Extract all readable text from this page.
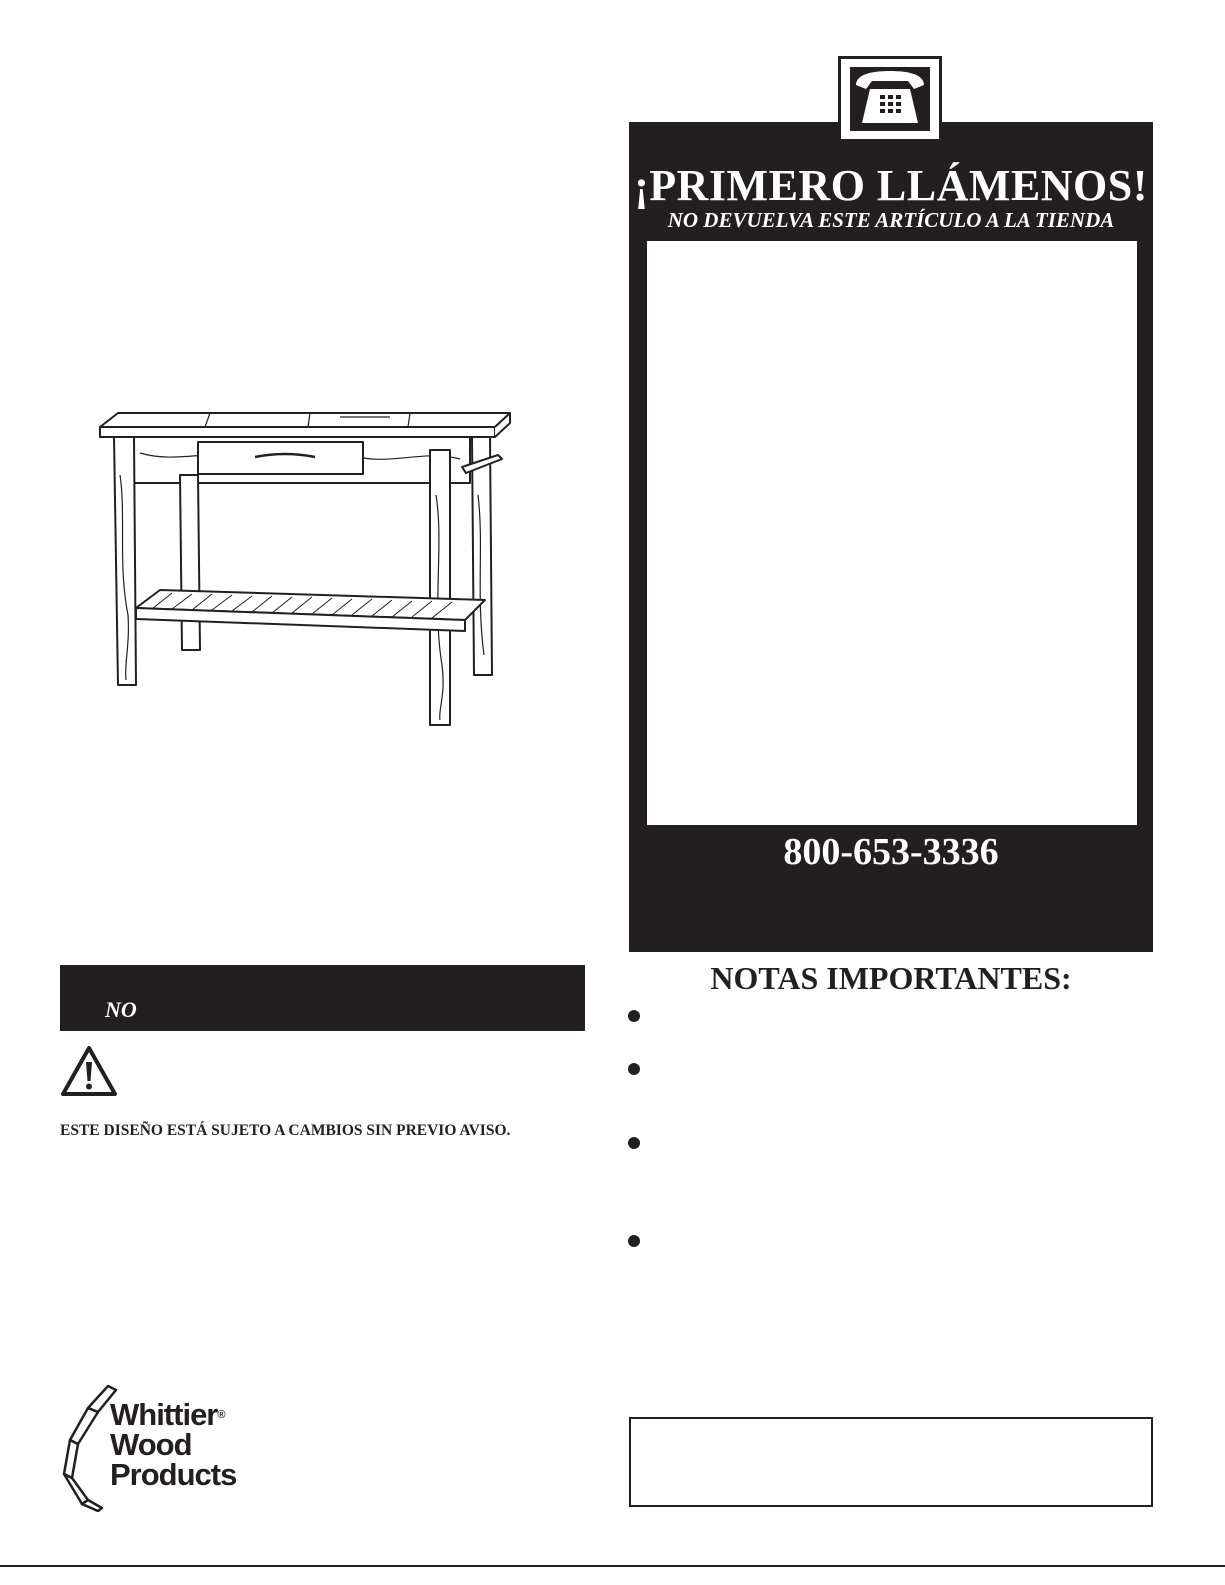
¡PRIMERO LLÁMENOS!
NO DEVUELVA ESTE ARTÍCULO A LA TIENDA
800-653-3336
NOTAS IMPORTANTES:
NO
ESTE DISEÑO ESTÁ SUJETO A CAMBIOS SIN PREVIO AVISO.
Whittier®
Wood
Products
